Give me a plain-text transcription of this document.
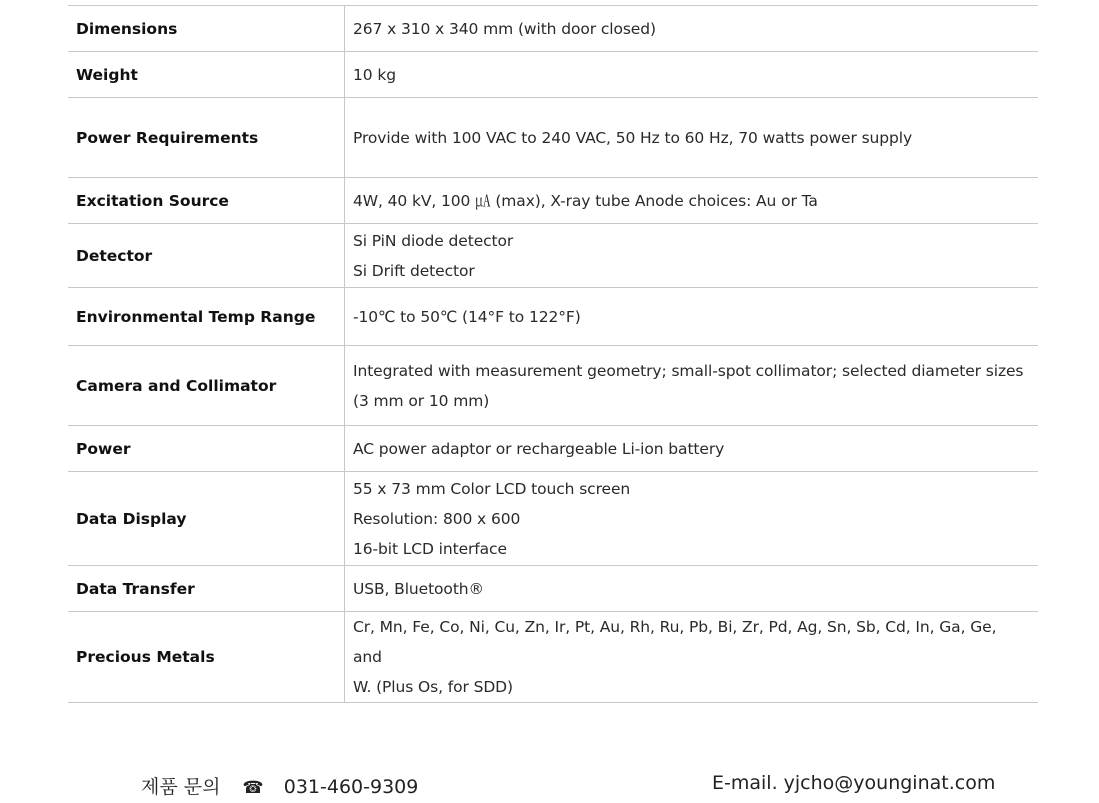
Dimensions	267 x 310 x 340 mm (with door closed)

Weight	10 kg

Power Requirements	Provide with 100 VAC to 240 VAC, 50 Hz to 60 Hz, 70 watts power supply

Excitation Source	4W, 40 kV, 100 ㎂ (max), X-ray tube Anode choices: Au or Ta

Detector	Si PiN diode detector
Si Drift detector

Environmental Temp Range	-10℃ to 50℃ (14°F to 122°F)

Camera and Collimator	Integrated with measurement geometry; small-spot collimator; selected diameter sizes
(3 mm or 10 mm)

Power	AC power adaptor or rechargeable Li-ion battery

Data Display	55 x 73 mm Color LCD touch screen
Resolution: 800 x 600
16-bit LCD interface

Data Transfer	USB, Bluetooth®

Precious Metals	Cr, Mn, Fe, Co, Ni, Cu, Zn, Ir, Pt, Au, Rh, Ru, Pb, Bi, Zr, Pd, Ag, Sn, Sb, Cd, In, Ga, Ge, and
W. (Plus Os, for SDD)
제품 문의 ☎ 031-460-9309	E-mail. yjcho@younginat.com
